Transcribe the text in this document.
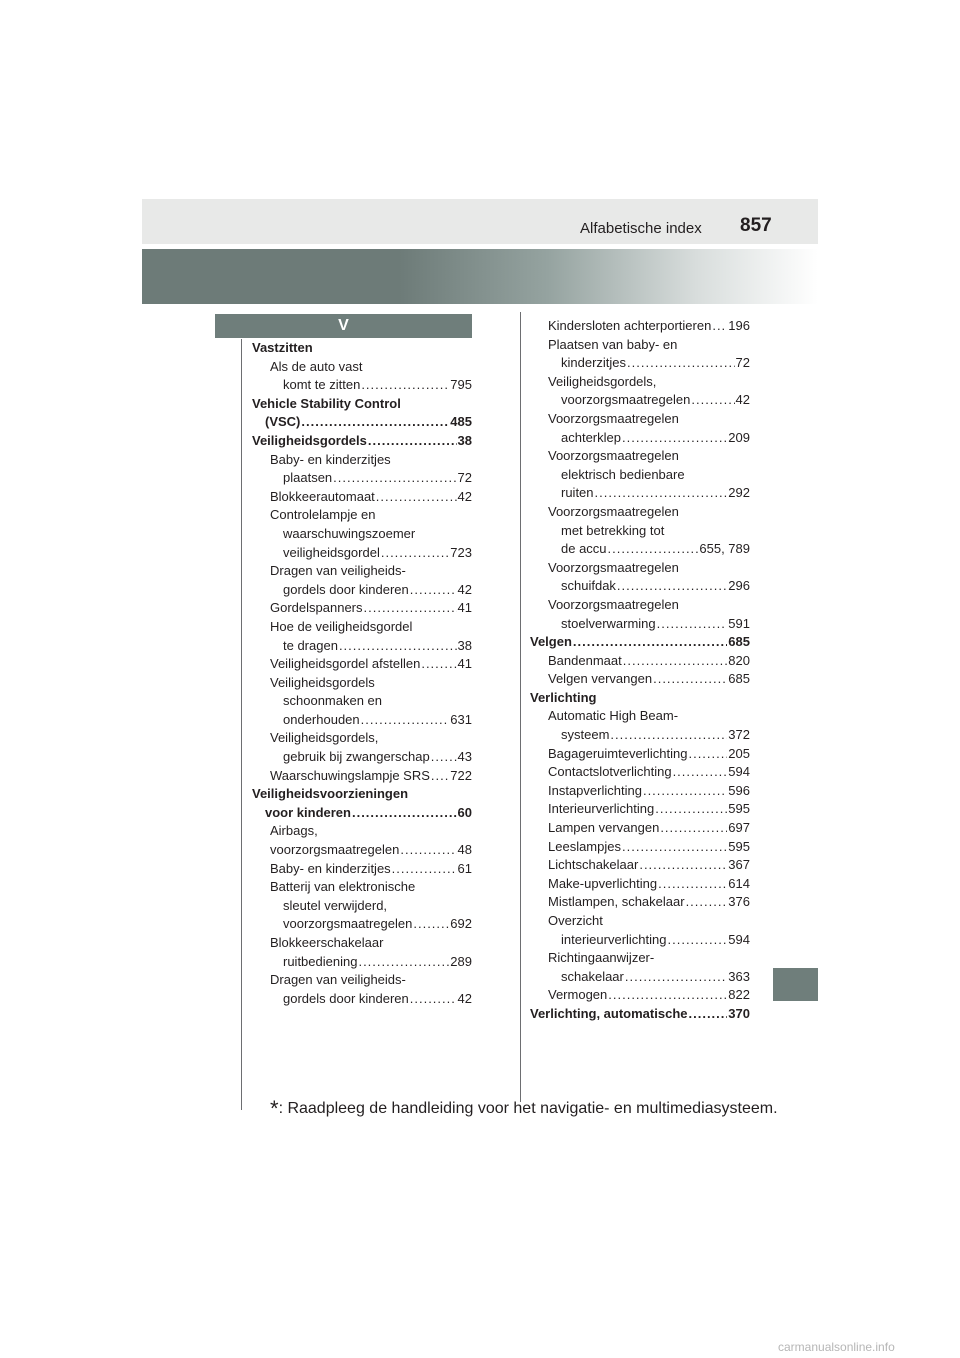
Alfabetische index 857
V
Vastzitten
Als de auto vast
komt te zitten .....	795
Vehicle Stability Control
(VSC) .....	485
Veiligheidsgordels .....	38
Baby- en kinderzitjes
plaatsen .....	72
Blokkeerautomaat .....	42
Controlelampje en
waarschuwingszoemer
veiligheidsgordel .....	723
Dragen van veiligheids-
gordels door kinderen .....	42
Gordelspanners .....	41
Hoe de veiligheidsgordel
te dragen .....	38
Veiligheidsgordel afstellen .....	41
Veiligheidsgordels
schoonmaken en
onderhouden .....	631
Veiligheidsgordels,
gebruik bij zwangerschap ..... 43
Waarschuwingslampje SRS ..... 722
Veiligheidsvoorzieningen
voor kinderen .....	60
Airbags,
voorzorgsmaatregelen .....	48
Baby- en kinderzitjes .....	61
Batterij van elektronische
sleutel verwijderd,
voorzorgsmaatregelen .....	692
Blokkeerschakelaar
ruitbediening .....	289
Dragen van veiligheids-
gordels door kinderen .....	42
Kindersloten achterportieren ..... 196
Plaatsen van baby- en
kinderzitjes .....	72
Veiligheidsgordels,
voorzorgsmaatregelen .....	42
Voorzorgsmaatregelen
achterklep .....	209
Voorzorgsmaatregelen
elektrisch bedienbare
ruiten .....	292
Voorzorgsmaatregelen
met betrekking tot
de accu .....	655, 789
Voorzorgsmaatregelen
schuifdak .....	296
Voorzorgsmaatregelen
stoelverwarming .....	591
Velgen .....	685
Bandenmaat .....	820
Velgen vervangen .....	685
Verlichting
Automatic High Beam-
systeem .....	372
Bagageruimteverlichting .....	205
Contactslotverlichting .....	594
Instapverlichting .....	596
Interieurverlichting .....	595
Lampen vervangen .....	697
Leeslampjes .....	595
Lichtschakelaar .....	367
Make-upverlichting .....	614
Mistlampen, schakelaar .....	376
Overzicht
interieurverlichting .....	594
Richtingaanwijzer-
schakelaar .....	363
Vermogen .....	822
Verlichting, automatische .....	370
*: Raadpleeg de handleiding voor het navigatie- en multimediasysteem.
carmanualsonline.info
